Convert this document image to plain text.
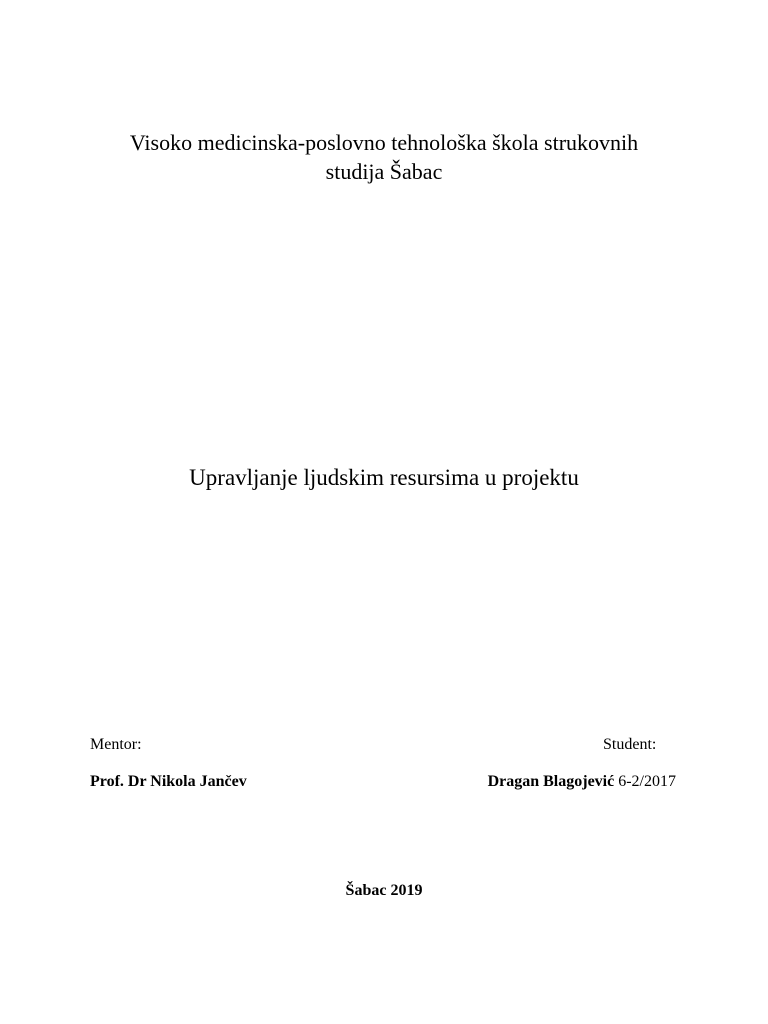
Visoko medicinska-poslovno tehnološka škola strukovnih
studija Šabac
Upravljanje ljudskim resursima u projektu
Mentor:	Student:
Prof. Dr Nikola Jančev	Dragan Blagojević 6-2/2017
Šabac 2019
